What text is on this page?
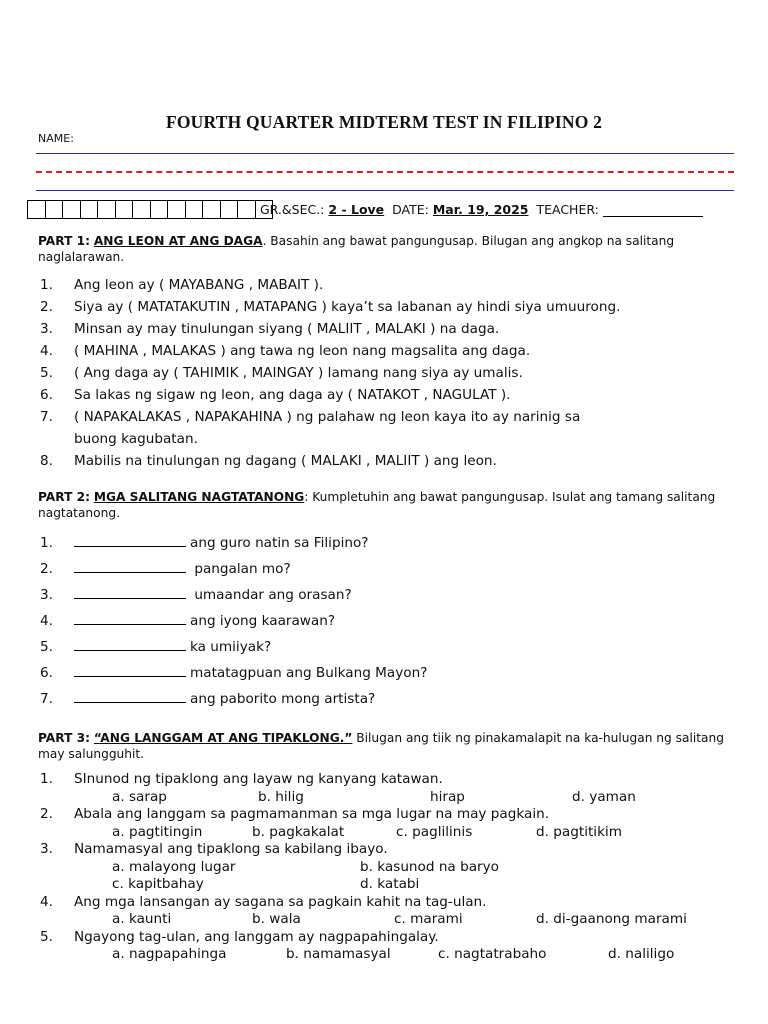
FOURTH QUARTER MIDTERM TEST IN FILIPINO 2
NAME:
GR.&SEC.: 2 - Love DATE: Mar. 19, 2025 TEACHER:
PART 1: ANG LEON AT ANG DAGA. Basahin ang bawat pangungusap. Bilugan ang angkop na salitang naglalarawan.
1. Ang leon ay ( MAYABANG , MABAIT ).
2. Siya ay ( MATATAKUTIN , MATAPANG ) kaya’t sa labanan ay hindi siya umuurong.
3. Minsan ay may tinulungan siyang ( MALIIT , MALAKI ) na daga.
4. ( MAHINA , MALAKAS ) ang tawa ng leon nang magsalita ang daga.
5. ( Ang daga ay ( TAHIMIK , MAINGAY ) lamang nang siya ay umalis.
6. Sa lakas ng sigaw ng leon, ang daga ay ( NATAKOT , NAGULAT ).
7. ( NAPAKALAKAS , NAPAKAHINA ) ng palahaw ng leon kaya ito ay narinig sa
buong kagubatan.
8. Mabilis na tinulungan ng dagang ( MALAKI , MALIIT ) ang leon.
PART 2: MGA SALITANG NAGTATANONG: Kumpletuhin ang bawat pangungusap. Isulat ang tamang salitang nagtatanong.
1.	ang guro natin sa Filipino?
2.	pangalan mo?
3.	umaandar ang orasan?
4.	ang iyong kaarawan?
5.	ka umiiyak?
6.	matatagpuan ang Bulkang Mayon?
7.	ang paborito mong artista?
PART 3: “ANG LANGGAM AT ANG TIPAKLONG.” Bilugan ang tiik ng pinakamalapit na ka-hulugan ng salitang may salungguhit.
1. SInunod ng tipaklong ang layaw ng kanyang katawan.
a. sarap	b. hilig	hirap	d. yaman
2. Abala ang langgam sa pagmamanman sa mga lugar na may pagkain.
a. pagtitingin	b. pagkakalat	c. paglilinis	d. pagtitikim
3. Namamasyal ang tipaklong sa kabilang ibayo.
a. malayong lugar	b. kasunod na baryo
c. kapitbahay	d. katabi
4. Ang mga lansangan ay sagana sa pagkain kahit na tag-ulan.
a. kaunti	b. wala	c. marami	d. di-gaanong marami
5. Ngayong tag-ulan, ang langgam ay nagpapahingalay.
a. nagpapahinga	b. namamasyal	c. nagtatrabaho	d. naliligo
